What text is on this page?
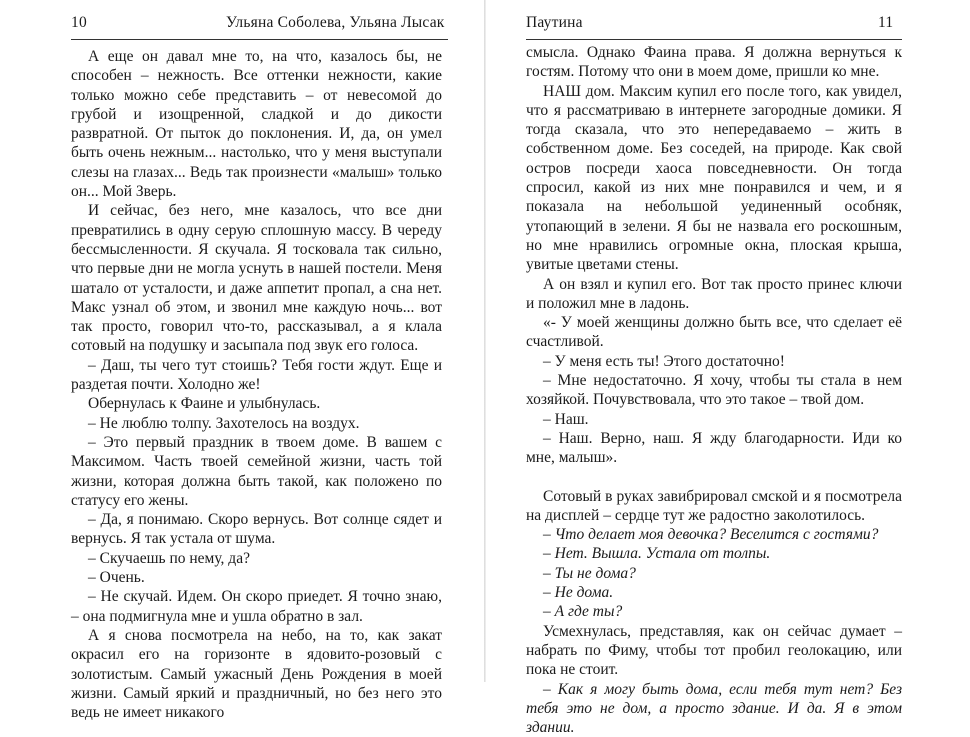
10	Ульяна Соболева, Ульяна Лысак

А еще он давал мне то, на что, казалось бы, не способен – нежность. Все оттенки нежности, какие только можно себе представить – от невесомой до грубой и изощренной, сладкой и до дикости развратной. От пыток до поклонения. И, да, он умел быть очень нежным... настолько, что у меня выступали слезы на глазах... Ведь так произнести «малыш» только он... Мой Зверь.

И сейчас, без него, мне казалось, что все дни превратились в одну серую сплошную массу. В череду бессмысленности. Я скучала. Я тосковала так сильно, что первые дни не могла уснуть в нашей постели. Меня шатало от усталости, и даже аппетит пропал, а сна нет. Макс узнал об этом, и звонил мне каждую ночь... вот так просто, говорил что-то, рассказывал, а я клала сотовый на подушку и засыпала под звук его голоса.

– Даш, ты чего тут стоишь? Тебя гости ждут. Еще и раздетая почти. Холодно же!

Обернулась к Фаине и улыбнулась.

– Не люблю толпу. Захотелось на воздух.

– Это первый праздник в твоем доме. В вашем с Максимом. Часть твоей семейной жизни, часть той жизни, которая должна быть такой, как положено по статусу его жены.

– Да, я понимаю. Скоро вернусь. Вот солнце сядет и вернусь. Я так устала от шума.

– Скучаешь по нему, да?

– Очень.

– Не скучай. Идем. Он скоро приедет. Я точно знаю, – она подмигнула мне и ушла обратно в зал.

А я снова посмотрела на небо, на то, как закат окрасил его на горизонте в ядовито-розовый с золотистым. Самый ужасный День Рождения в моей жизни. Самый яркий и праздничный, но без него это ведь не имеет никакого

Паутина	11

смысла. Однако Фаина права. Я должна вернуться к гостям. Потому что они в моем доме, пришли ко мне.

НАШ дом. Максим купил его после того, как увидел, что я рассматриваю в интернете загородные домики. Я тогда сказала, что это непередаваемо – жить в собственном доме. Без соседей, на природе. Как свой остров посреди хаоса повседневности. Он тогда спросил, какой из них мне понравился и чем, и я показала на небольшой уединенный особняк, утопающий в зелени. Я бы не назвала его роскошным, но мне нравились огромные окна, плоская крыша, увитые цветами стены.

А он взял и купил его. Вот так просто принес ключи и положил мне в ладонь.

«- У моей женщины должно быть все, что сделает её счастливой.

– У меня есть ты! Этого достаточно!

– Мне недостаточно. Я хочу, чтобы ты стала в нем хозяйкой. Почувствовала, что это такое – твой дом.

– Наш.

– Наш. Верно, наш. Я жду благодарности. Иди ко мне, малыш».

Сотовый в руках завибрировал смской и я посмотрела на дисплей – сердце тут же радостно заколотилось.

– Что делает моя девочка? Веселится с гостями?

– Нет. Вышла. Устала от толпы.

– Ты не дома?

– Не дома.

– А где ты?

Усмехнулась, представляя, как он сейчас думает – набрать по Фиму, чтобы тот пробил геолокацию, или пока не стоит.

– Как я могу быть дома, если тебя тут нет? Без тебя это не дом, а просто здание. И да. Я в этом здании.
